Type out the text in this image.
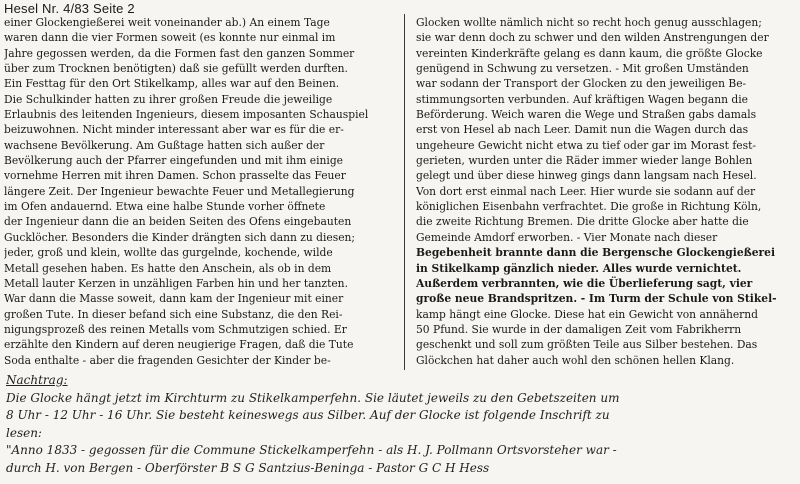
Hesel Nr. 4/83 Seite 2
einer Glockengießerei weit voneinander ab.) An einem Tage
waren dann die vier Formen soweit (es konnte nur einmal im
Jahre gegossen werden, da die Formen fast den ganzen Sommer
über zum Trocknen benötigten) daß sie gefüllt werden durften.
Ein Festtag für den Ort Stikelkamp, alles war auf den Beinen.
Die Schulkinder hatten zu ihrer großen Freude die jeweilige
Erlaubnis des leitenden Ingenieurs, diesem imposanten Schauspiel
beizuwohnen. Nicht minder interessant aber war es für die er-
wachsene Bevölkerung. Am Gußtage hatten sich außer der
Bevölkerung auch der Pfarrer eingefunden und mit ihm einige
vornehme Herren mit ihren Damen. Schon prasselte das Feuer
längere Zeit. Der Ingenieur bewachte Feuer und Metallegierung
im Ofen andauernd. Etwa eine halbe Stunde vorher öffnete
der Ingenieur dann die an beiden Seiten des Ofens eingebauten
Gucklöcher. Besonders die Kinder drängten sich dann zu diesen;
jeder, groß und klein, wollte das gurgelnde, kochende, wilde
Metall gesehen haben. Es hatte den Anschein, als ob in dem
Metall lauter Kerzen in unzähligen Farben hin und her tanzten.
War dann die Masse soweit, dann kam der Ingenieur mit einer
großen Tute. In dieser befand sich eine Substanz, die den Rei-
nigungsprozeß des reinen Metalls vom Schmutzigen schied. Er
erzählte den Kindern auf deren neugierige Fragen, daß die Tute
Soda enthalte - aber die fragenden Gesichter der Kinder be-
Glocken wollte nämlich nicht so recht hoch genug ausschlagen;
sie war denn doch zu schwer und den wilden Anstrengungen der
vereinten Kinderkräfte gelang es dann kaum, die größte Glocke
genügend in Schwung zu versetzen. - Mit großen Umständen
war sodann der Transport der Glocken zu den jeweiligen Be-
stimmungsorten verbunden. Auf kräftigen Wagen begann die
Beförderung. Weich waren die Wege und Straßen gabs damals
erst von Hesel ab nach Leer. Damit nun die Wagen durch das
ungeheure Gewicht nicht etwa zu tief oder gar im Morast fest-
gerieten, wurden unter die Räder immer wieder lange Bohlen
gelegt und über diese hinweg gings dann langsam nach Hesel.
Von dort erst einmal nach Leer. Hier wurde sie sodann auf der
königlichen Eisenbahn verfrachtet. Die große in Richtung Köln,
die zweite Richtung Bremen. Die dritte Glocke aber hatte die
Gemeinde Amdorf erworben. - Vier Monate nach dieser
Begebenheit brannte dann die Bergensche Glockengießerei
in Stikelkamp gänzlich nieder. Alles wurde vernichtet.
Außerdem verbrannten, wie die Überlieferung sagt, vier
große neue Brandspritzen. - Im Turm der Schule von Stikel-
kamp hängt eine Glocke. Diese hat ein Gewicht von annähernd
50 Pfund. Sie wurde in der damaligen Zeit vom Fabrikherrn
geschenkt und soll zum größten Teile aus Silber bestehen. Das
Glöckchen hat daher auch wohl den schönen hellen Klang.
Nachtrag:
Die Glocke hängt jetzt im Kirchturm zu Stikelkamperfehn. Sie läutet jeweils zu den Gebetszeiten um
8 Uhr - 12 Uhr - 16 Uhr. Sie besteht keineswegs aus Silber. Auf der Glocke ist folgende Inschrift zu
lesen:
"Anno 1833 - gegossen für die Commune Stickelkamperfehn - als H. J. Pollmann Ortsvorsteher war -
durch H. von Bergen - Oberförster B S G Santzius-Beninga - Pastor G C H Hess
